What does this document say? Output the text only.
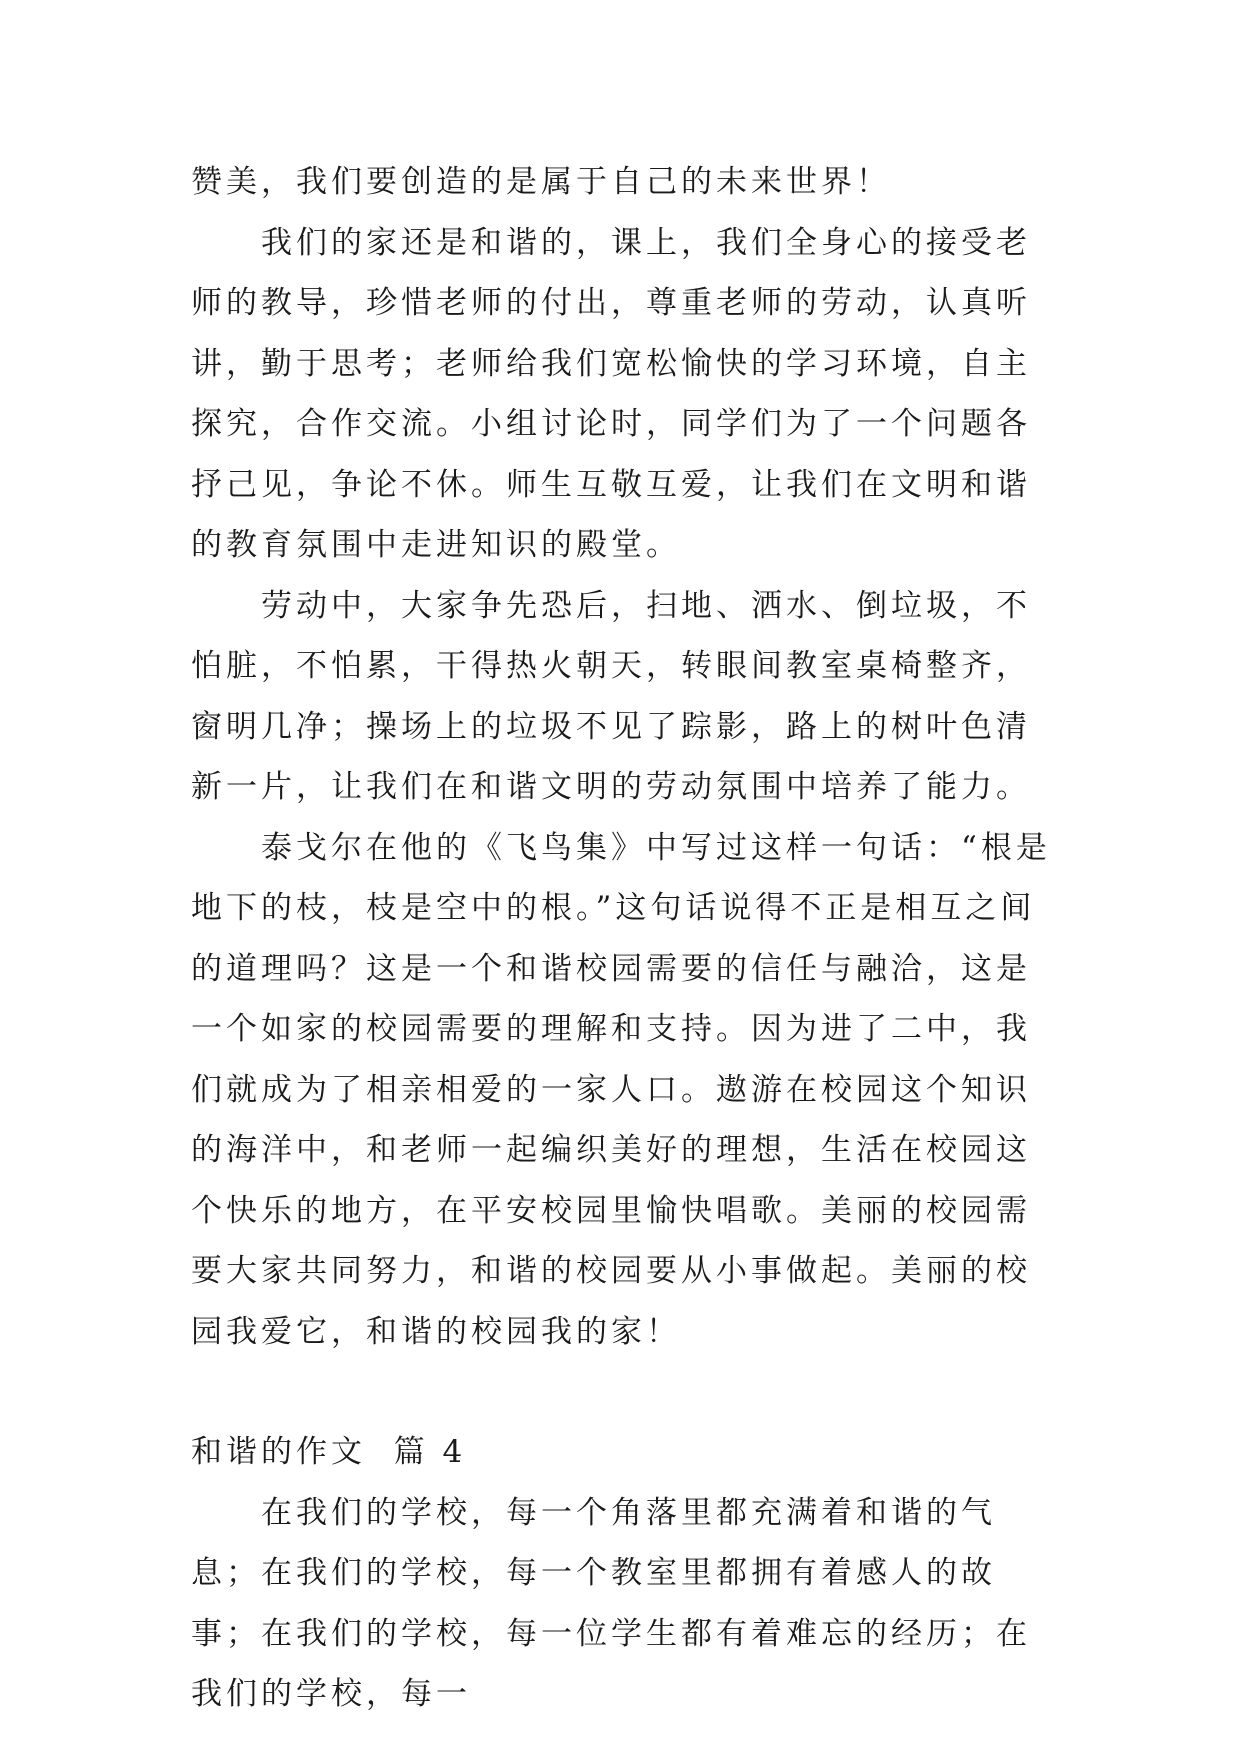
赞美，我们要创造的是属于自己的未来世界！

我们的家还是和谐的，课上，我们全身心的接受老师的教导，珍惜老师的付出，尊重老师的劳动，认真听讲，勤于思考；老师给我们宽松愉快的学习环境，自主探究，合作交流。小组讨论时，同学们为了一个问题各抒己见，争论不休。师生互敬互爱，让我们在文明和谐的教育氛围中走进知识的殿堂。

劳动中，大家争先恐后，扫地、洒水、倒垃圾，不怕脏，不怕累，干得热火朝天，转眼间教室桌椅整齐，窗明几净；操场上的垃圾不见了踪影，路上的树叶色清新一片，让我们在和谐文明的劳动氛围中培养了能力。

泰戈尔在他的《飞鸟集》中写过这样一句话：“根是地下的枝，枝是空中的根。”这句话说得不正是相互之间的道理吗？这是一个和谐校园需要的信任与融洽，这是一个如家的校园需要的理解和支持。因为进了二中，我们就成为了相亲相爱的一家人口。遨游在校园这个知识的海洋中，和老师一起编织美好的理想，生活在校园这个快乐的地方，在平安校园里愉快唱歌。美丽的校园需要大家共同努力，和谐的校园要从小事做起。美丽的校园我爱它，和谐的校园我的家！

和谐的作文  篇 4

在我们的学校，每一个角落里都充满着和谐的气息；在我们的学校，每一个教室里都拥有着感人的故事；在我们的学校，每一位学生都有着难忘的经历；在我们的学校，每一
